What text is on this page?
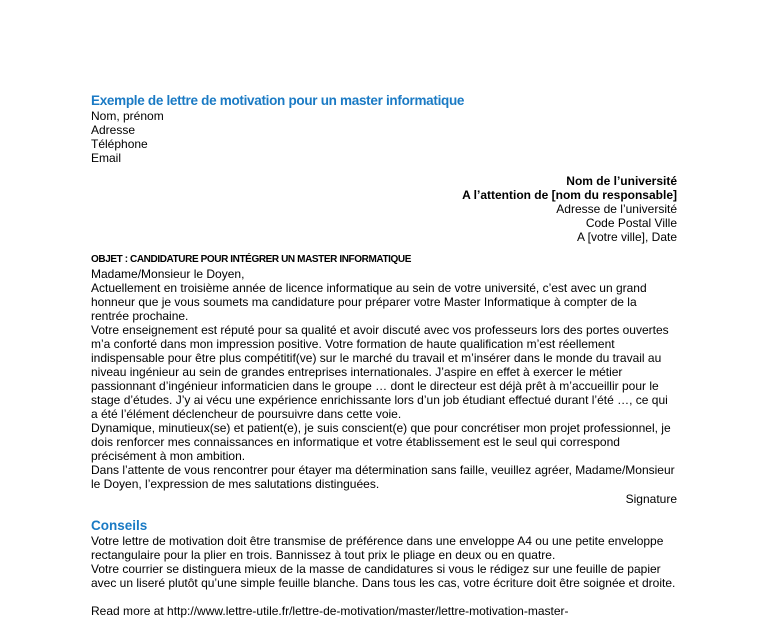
Exemple de lettre de motivation pour un master informatique

Nom, prénom

Adresse

Téléphone

Email

Nom de l’université

A l’attention de [nom du responsable]

Adresse de l’université

Code Postal Ville

A [votre ville], Date

OBJET : CANDIDATURE POUR INTÉGRER UN MASTER INFORMATIQUE

Madame/Monsieur le Doyen,

Actuellement en troisième année de licence informatique au sein de votre université, c’est avec un grand honneur que je vous soumets ma candidature pour préparer votre Master Informatique à compter de la rentrée prochaine.

Votre enseignement est réputé pour sa qualité et avoir discuté avec vos professeurs lors des portes ouvertes m’a conforté dans mon impression positive. Votre formation de haute qualification m’est réellement indispensable pour être plus compétitif(ve) sur le marché du travail et m’insérer dans le monde du travail au niveau ingénieur au sein de grandes entreprises internationales. J’aspire en effet à exercer le métier passionnant d’ingénieur informaticien dans le groupe … dont le directeur est déjà prêt à m’accueillir pour le stage d’études. J’y ai vécu une expérience enrichissante lors d’un job étudiant effectué durant l’été …, ce qui a été l’élément déclencheur de poursuivre dans cette voie.

Dynamique, minutieux(se) et patient(e), je suis conscient(e) que pour concrétiser mon projet professionnel, je dois renforcer mes connaissances en informatique et votre établissement est le seul qui correspond précisément à mon ambition.

Dans l’attente de vous rencontrer pour étayer ma détermination sans faille, veuillez agréer, Madame/Monsieur le Doyen, l’expression de mes salutations distinguées.

Signature
Conseils

Votre lettre de motivation doit être transmise de préférence dans une enveloppe A4 ou une petite enveloppe rectangulaire pour la plier en trois. Bannissez à tout prix le pliage en deux ou en quatre.

Votre courrier se distinguera mieux de la masse de candidatures si vous le rédigez sur une feuille de papier avec un liseré plutôt qu’une simple feuille blanche. Dans tous les cas, votre écriture doit être soignée et droite.

Read more at http://www.lettre-utile.fr/lettre-de-motivation/master/lettre-motivation-master-
